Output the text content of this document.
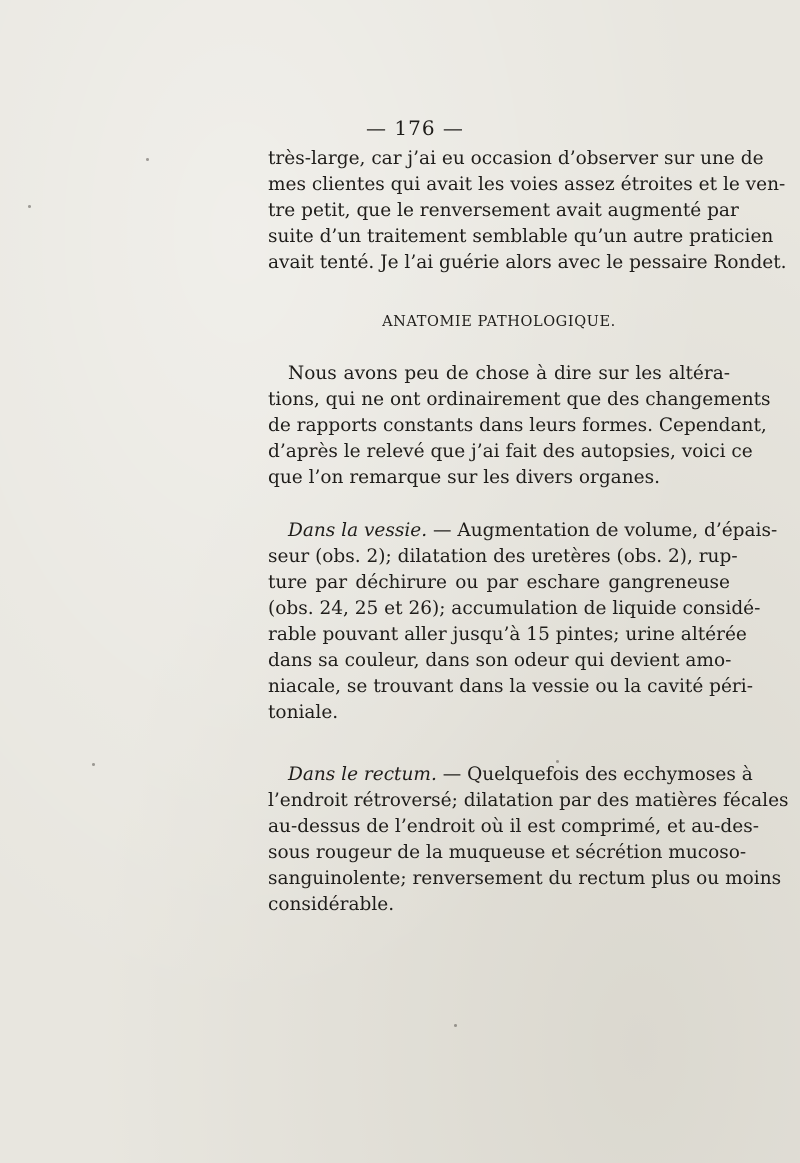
— 176 —
très-large, car j’ai eu occasion d’observer sur une de
mes clientes qui avait les voies assez étroites et le ven-
tre petit, que le renversement avait augmenté par
suite d’un traitement semblable qu’un autre praticien
avait tenté. Je l’ai guérie alors avec le pessaire Rondet.
ANATOMIE PATHOLOGIQUE.
Nous avons peu de chose à dire sur les altéra-
tions, qui ne ont ordinairement que des changements
de rapports constants dans leurs formes. Cependant,
d’après le relevé que j’ai fait des autopsies, voici ce
que l’on remarque sur les divers organes.
Dans la vessie. — Augmentation de volume, d’épais-
seur (obs. 2); dilatation des uretères (obs. 2), rup-
ture par déchirure ou par eschare gangreneuse
(obs. 24, 25 et 26); accumulation de liquide considé-
rable pouvant aller jusqu’à 15 pintes; urine altérée
dans sa couleur, dans son odeur qui devient amo-
niacale, se trouvant dans la vessie ou la cavité péri-
toniale.
Dans le rectum. — Quelquefois des ecchymoses à
l’endroit rétroversé; dilatation par des matières fécales
au-dessus de l’endroit où il est comprimé, et au-des-
sous rougeur de la muqueuse et sécrétion mucoso-
sanguinolente; renversement du rectum plus ou moins
considérable.
